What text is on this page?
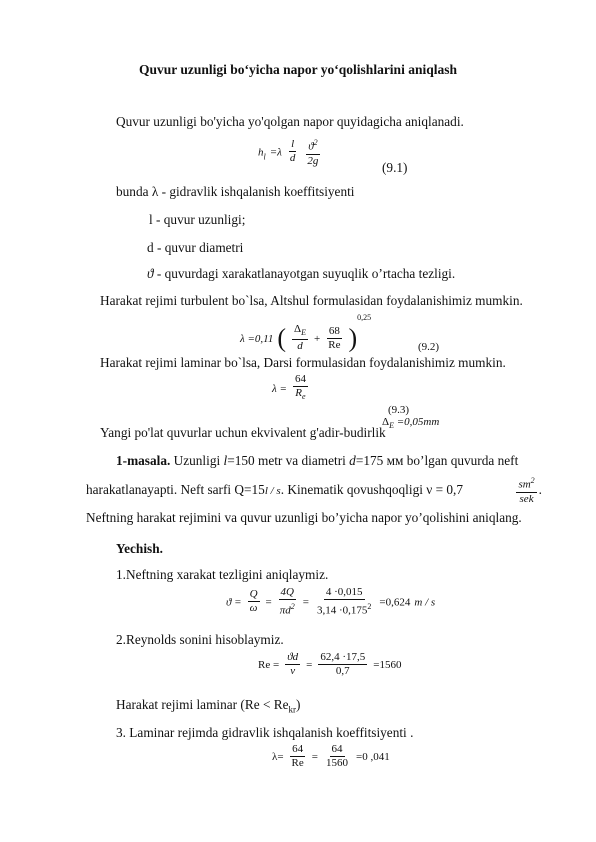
Quvur uzunligi bo‘yicha napor yo‘qolishlarini aniqlash
Quvur uzunligi bo'yicha yo'qolgan napor quyidagicha aniqlanadi.
$h_l =\lambda \frac{l}{d}$
$\frac{ϑ^2}{2g}$	(9.1)
bunda λ - gidravlik ishqalanish koeffitsiyenti
l - quvur uzunligi;
d - quvur diametri
ϑ - quvurdagi xarakatlanayotgan suyuqlik o’rtacha tezligi.
Harakat rejimi turbulent bo`lsa, Altshul formulasidan foydalanishimiz mumkin.
λ =0,11 ( $\frac{\Delta_E}{d} + \frac{68}{Re} )^{0,25}$
(9.2)
Harakat rejimi laminar bo`lsa, Darsi formulasidan foydalanishimiz mumkin.
$\lambda = \frac{64}{R_e}$
(9.3)
$\Delta_E =0,05mm$
Yangi po'lat quvurlar uchun ekvivalent g'adir-budirlik
1-masala. Uzunligi l=150 metr va diametri d=175 мм bo’lgan quvurda neft
harakatlanayapti. Neft sarfi Q=15l / s. Kinematik qovushqoqligi ν = 0,7	$\frac{sm^2}{\text{sek}}$ .
Neftning harakat rejimini va quvur uzunligi bo’yicha napor yo’qolishini aniqlang.
Yechish.
1.Neftning xarakat tezligini aniqlaymiz.
$ϑ = \frac{Q}{\omega} = \frac{4Q}{\pi d^2} = \frac{4 \cdot 0,015}{3,14 \cdot 0,175^2} =0,624$ m / s
2.Reynolds sonini hisoblaymiz.
$Re = \frac{ϑd}{\nu} = \frac{62,4 \cdot 17,5}{0,7} =1560$
Harakat rejimi laminar $(Re < Re_{kr})$
3. Laminar rejimda gidravlik ishqalanish koeffitsiyenti .
$\lambda= \frac{64}{Re} = \frac{64}{1560} =0$ ,041
